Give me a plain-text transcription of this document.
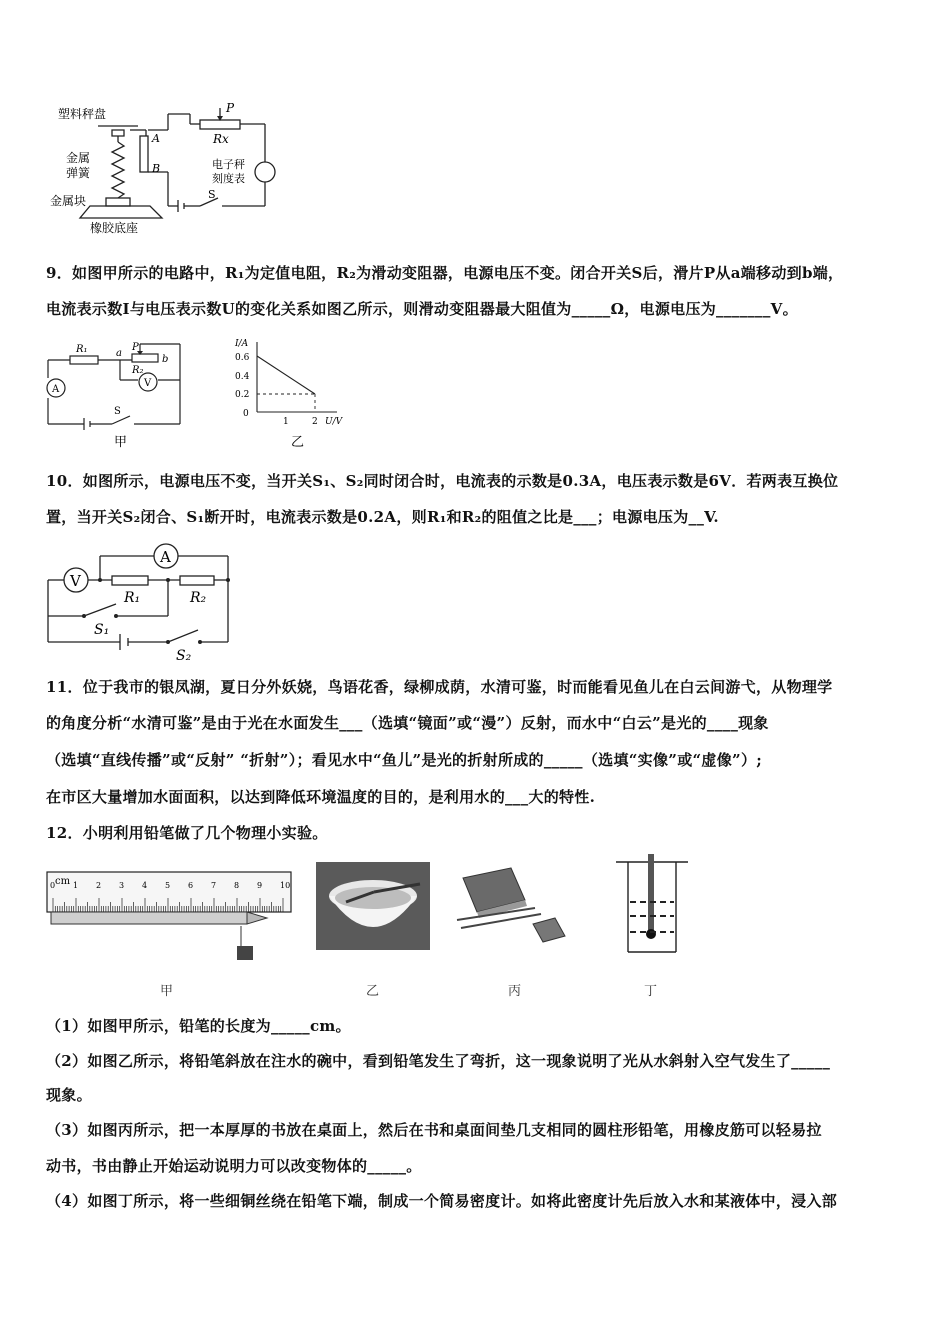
塑料秤盘
金属
弹簧
金属块
橡胶底座
A
B
P
Rx
电子秤
刻度表
S
9．如图甲所示的电路中，R₁为定值电阻，R₂为滑动变阻器，电源电压不变。闭合开关S后，滑片P从a端移动到b端，
电流表示数I与电压表示数U的变化关系如图乙所示，则滑动变阻器最大阻值为_____Ω，电源电压为_______V。
R₁	a
P
b
R₂
A
V
S
甲
I/A
0.6
0.4
0.2
0
1	2 U/V
乙
10．如图所示，电源电压不变，当开关S₁、S₂同时闭合时，电流表的示数是0.3A，电压表示数是6V．若两表互换位
置，当开关S₂闭合、S₁断开时，电流表示数是0.2A，则R₁和R₂的阻值之比是___；电源电压为__V.
A
V
R₁	R₂
S₁
S₂
11．位于我市的银凤湖，夏日分外妖娆，鸟语花香，绿柳成荫，水清可鉴，时而能看见鱼儿在白云间游弋，从物理学
的角度分析“水清可鉴”是由于光在水面发生___（选填“镜面”或“漫”）反射，而水中“白云”是光的____现象
（选填“直线传播”或“反射” “折射”）；看见水中“鱼儿”是光的折射所成的_____（选填“实像”或“虚像”）;
在市区大量增加水面面积，以达到降低环境温度的目的，是利用水的___大的特性.
12．小明利用铅笔做了几个物理小实验。
0 1 2 3 4 5 6 7 8 9 10
cm
甲	乙	丙	丁
（1）如图甲所示，铅笔的长度为_____cm。
（2）如图乙所示，将铅笔斜放在注水的碗中，看到铅笔发生了弯折，这一现象说明了光从水斜射入空气发生了_____
现象。
（3）如图丙所示，把一本厚厚的书放在桌面上，然后在书和桌面间垫几支相同的圆柱形铅笔，用橡皮筋可以轻易拉
动书，书由静止开始运动说明力可以改变物体的_____。
（4）如图丁所示，将一些细铜丝绕在铅笔下端，制成一个简易密度计。如将此密度计先后放入水和某液体中，浸入部
